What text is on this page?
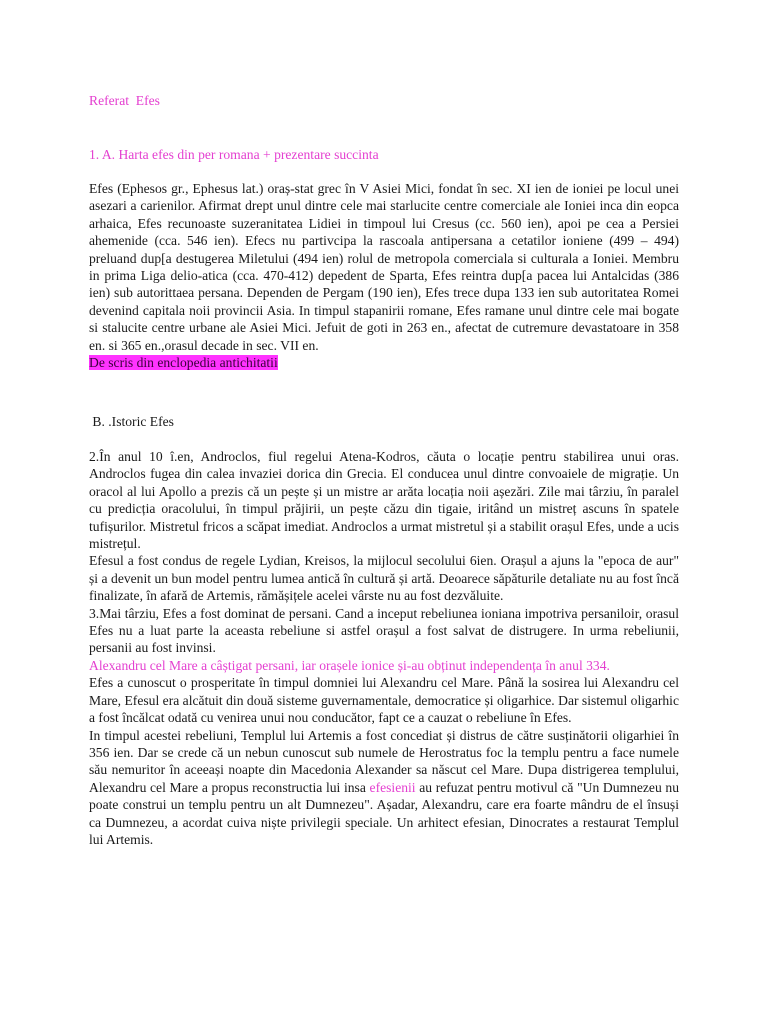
Referat  Efes
1. A. Harta efes din per romana + prezentare succinta

Efes (Ephesos gr., Ephesus lat.) oraș-stat grec în V Asiei Mici, fondat în sec. XI ien de ioniei pe locul unei asezari a carienilor. Afirmat drept unul dintre cele mai starlucite centre comerciale ale Ioniei inca din eopca arhaica, Efes recunoaste suzeranitatea Lidiei in timpoul lui Cresus (cc. 560 ien), apoi pe cea a Persiei ahemenide (cca. 546 ien). Efecs nu partivcipa la rascoala antipersana a cetatilor ioniene (499 – 494) preluand dup[a destugerea Miletului (494 ien) rolul de metropola comerciala si culturala a Ioniei. Membru in prima Liga delio-atica (cca. 470-412) depedent de Sparta, Efes reintra dup[a pacea lui Antalcidas (386 ien) sub autorittaea persana. Dependen de Pergam (190 ien), Efes trece dupa 133 ien sub autoritatea Romei devenind capitala noii provincii Asia. In timpul stapanirii romane, Efes ramane unul dintre cele mai bogate si stalucite centre urbane ale Asiei Mici. Jefuit de goti in 263 en., afectat de cutremure devastatoare in 358 en. si 365 en.,orasul decade in sec. VII en.

De scris din enclopedia antichitatii

B. .Istoric Efes

2.În anul 10 î.en, Androclos, fiul regelui Atena-Kodros, căuta o locație pentru stabilirea unui oras. Androclos fugea din calea invaziei dorica din Grecia. El conducea unul dintre convoaiele de migrație. Un oracol al lui Apollo a prezis că un pește și un mistre ar arăta locația noii așezări. Zile mai târziu, în paralel cu predicția oracolului, în timpul prăjirii, un pește căzu din tigaie, iritând un mistreț ascuns în spatele tufișurilor. Mistretul fricos a scăpat imediat. Androclos a urmat mistretul și a stabilit orașul Efes, unde a ucis mistrețul.

Efesul a fost condus de regele Lydian, Kreisos, la mijlocul secolului 6ien. Orașul a ajuns la "epoca de aur" și a devenit un bun model pentru lumea antică în cultură și artă. Deoarece săpăturile detaliate nu au fost încă finalizate, în afară de Artemis, rămășițele acelei vârste nu au fost dezvăluite.

3.Mai târziu, Efes a fost dominat de persani. Cand a inceput rebeliunea ioniana impotriva persaniloir, orasul Efes nu a luat parte la aceasta rebeliune si astfel orașul a fost salvat de distrugere. In urma rebeliunii, persanii au fost invinsi.

Alexandru cel Mare a câștigat persani, iar orașele ionice și-au obținut independența în anul 334.

Efes a cunoscut o prosperitate în timpul domniei lui Alexandru cel Mare. Până la sosirea lui Alexandru cel Mare, Efesul era alcătuit din două sisteme guvernamentale, democratice și oligarhice. Dar sistemul oligarhic a fost încălcat odată cu venirea unui nou conducător, fapt ce a cauzat o rebeliune în Efes.

In timpul acestei rebeliuni, Templul lui Artemis a fost concediat și distrus de către susținătorii oligarhiei în 356 ien. Dar se crede că un nebun cunoscut sub numele de Herostratus foc la templu pentru a face numele său nemuritor în aceeași noapte din Macedonia Alexander sa născut cel Mare. Dupa distrigerea templului, Alexandru cel Mare a propus reconstructia lui insa efesienii au refuzat pentru motivul că "Un Dumnezeu nu poate construi un templu pentru un alt Dumnezeu". Așadar, Alexandru, care era foarte mândru de el însuși ca Dumnezeu, a acordat cuiva niște privilegii speciale. Un arhitect efesian, Dinocrates a restaurat Templul lui Artemis.
